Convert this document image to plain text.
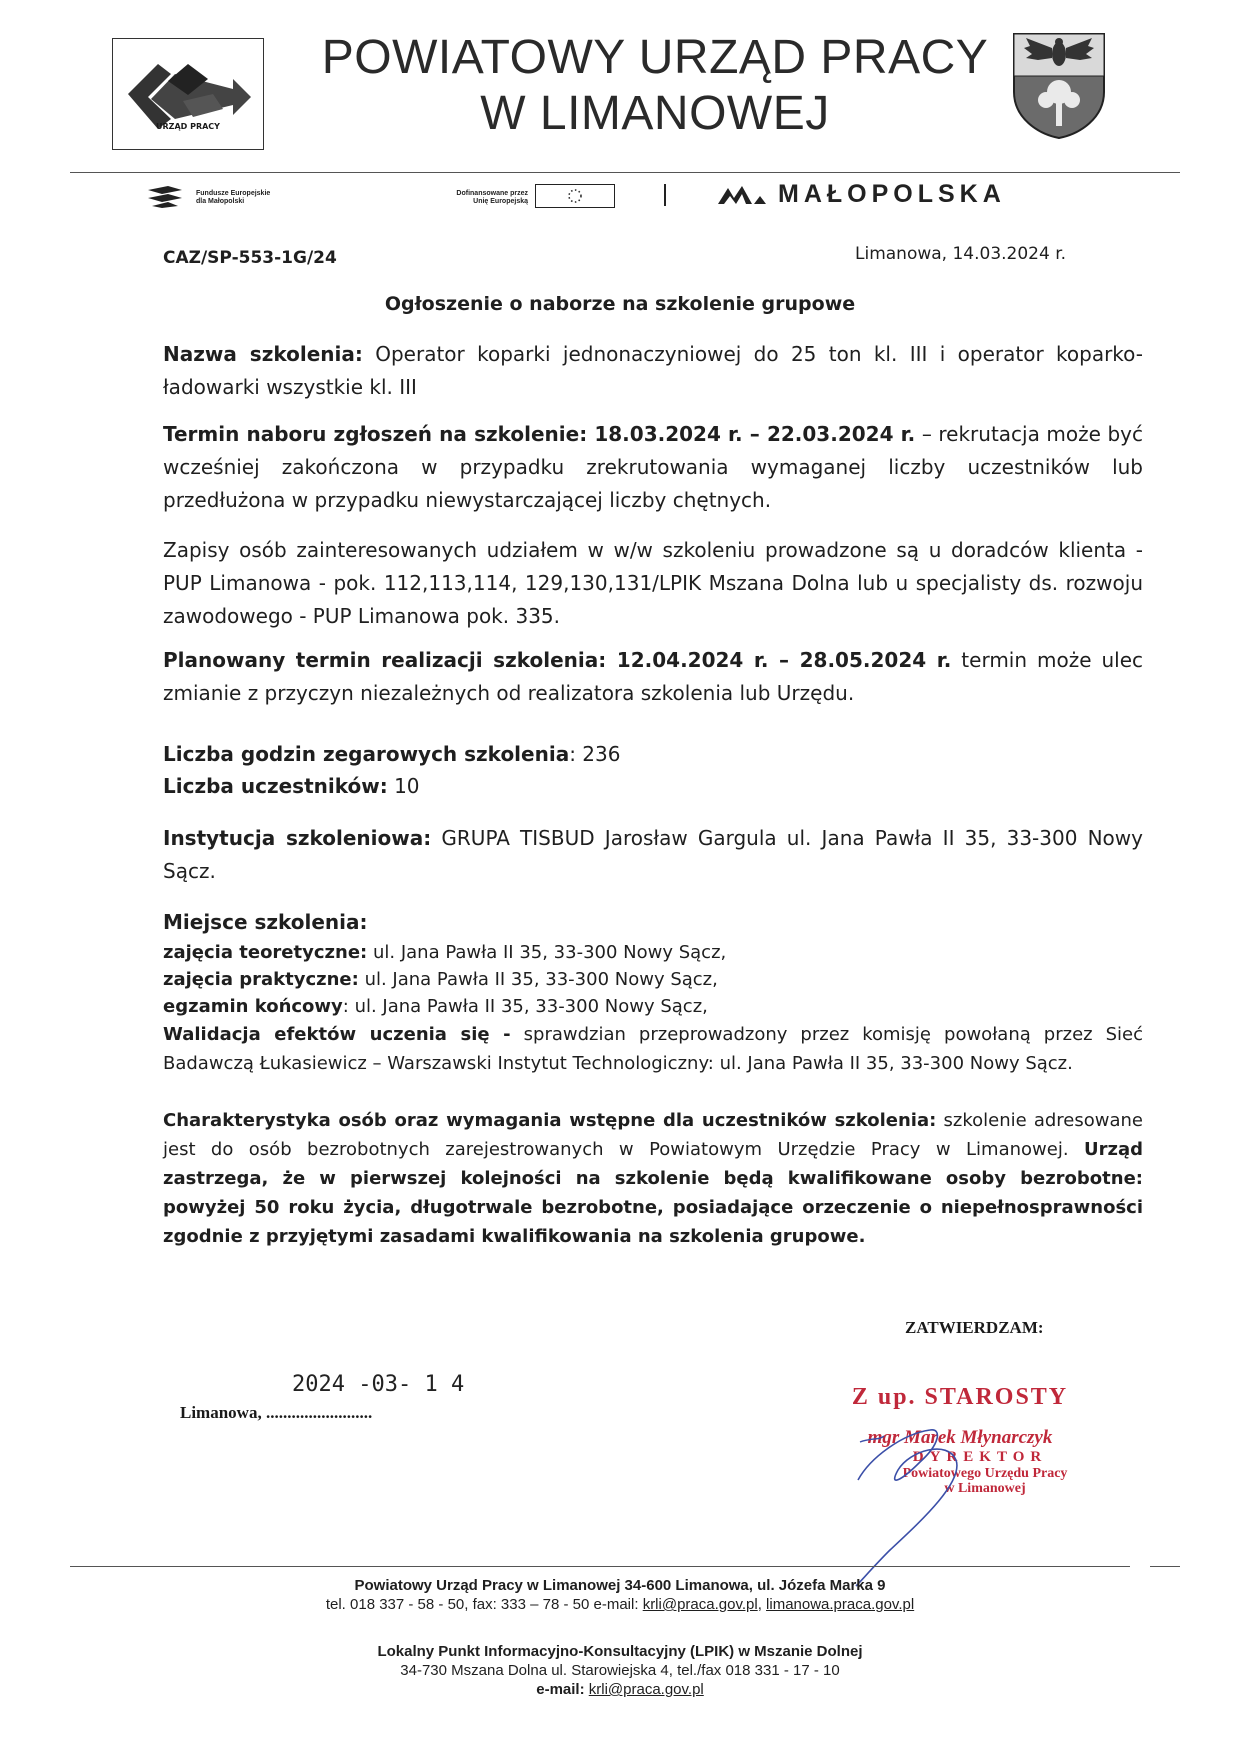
URZĄD PRACY
POWIATOWY URZĄD PRACY
W LIMANOWEJ
Fundusze Europejskie
dla Małopolski
Dofinansowane przez
Unię Europejską	MAŁOPOLSKA
CAZ/SP-553-1G/24	Limanowa, 14.03.2024 r.
Ogłoszenie o naborze na szkolenie grupowe
Nazwa szkolenia: Operator koparki jednonaczyniowej do 25 ton kl. III i operator koparko-ładowarki wszystkie kl. III
Termin naboru zgłoszeń na szkolenie: 18.03.2024 r. – 22.03.2024 r. – rekrutacja może być wcześniej zakończona w przypadku zrekrutowania wymaganej liczby uczestników lub przedłużona w przypadku niewystarczającej liczby chętnych.
Zapisy osób zainteresowanych udziałem w w/w szkoleniu prowadzone są u doradców klienta - PUP Limanowa - pok. 112,113,114, 129,130,131/LPIK Mszana Dolna lub u specjalisty ds. rozwoju zawodowego - PUP Limanowa pok. 335.
Planowany termin realizacji szkolenia: 12.04.2024 r. – 28.05.2024 r. termin może ulec zmianie z przyczyn niezależnych od realizatora szkolenia lub Urzędu.
Liczba godzin zegarowych szkolenia: 236
Liczba uczestników: 10
Instytucja szkoleniowa: GRUPA TISBUD Jarosław Gargula ul. Jana Pawła II 35, 33-300 Nowy Sącz.
Miejsce szkolenia:
zajęcia teoretyczne: ul. Jana Pawła II 35, 33-300 Nowy Sącz,
zajęcia praktyczne: ul. Jana Pawła II 35, 33-300 Nowy Sącz,
egzamin końcowy: ul. Jana Pawła II 35, 33-300 Nowy Sącz,
Walidacja efektów uczenia się - sprawdzian przeprowadzony przez komisję powołaną przez Sieć Badawczą Łukasiewicz – Warszawski Instytut Technologiczny: ul. Jana Pawła II 35, 33-300 Nowy Sącz.
Charakterystyka osób oraz wymagania wstępne dla uczestników szkolenia: szkolenie adresowane jest do osób bezrobotnych zarejestrowanych w Powiatowym Urzędzie Pracy w Limanowej. Urząd zastrzega, że w pierwszej kolejności na szkolenie będą kwalifikowane osoby bezrobotne: powyżej 50 roku życia, długotrwale bezrobotne, posiadające orzeczenie o niepełnosprawności zgodnie z przyjętymi zasadami kwalifikowania na szkolenia grupowe.
ZATWIERDZAM:
2024 -03- 1 4
Limanowa, .........................
Z up. STAROSTY
mgr Marek Młynarczyk
DYREKTOR
Powiatowego Urzędu Pracy
w Limanowej
Powiatowy Urząd Pracy w Limanowej 34-600 Limanowa, ul. Józefa Marka 9
tel. 018 337 - 58 - 50, fax: 333 – 78 - 50 e-mail: krli@praca.gov.pl, limanowa.praca.gov.pl
Lokalny Punkt Informacyjno-Konsultacyjny (LPIK) w Mszanie Dolnej
34-730 Mszana Dolna ul. Starowiejska 4, tel./fax 018 331 - 17 - 10
e-mail: krli@praca.gov.pl
